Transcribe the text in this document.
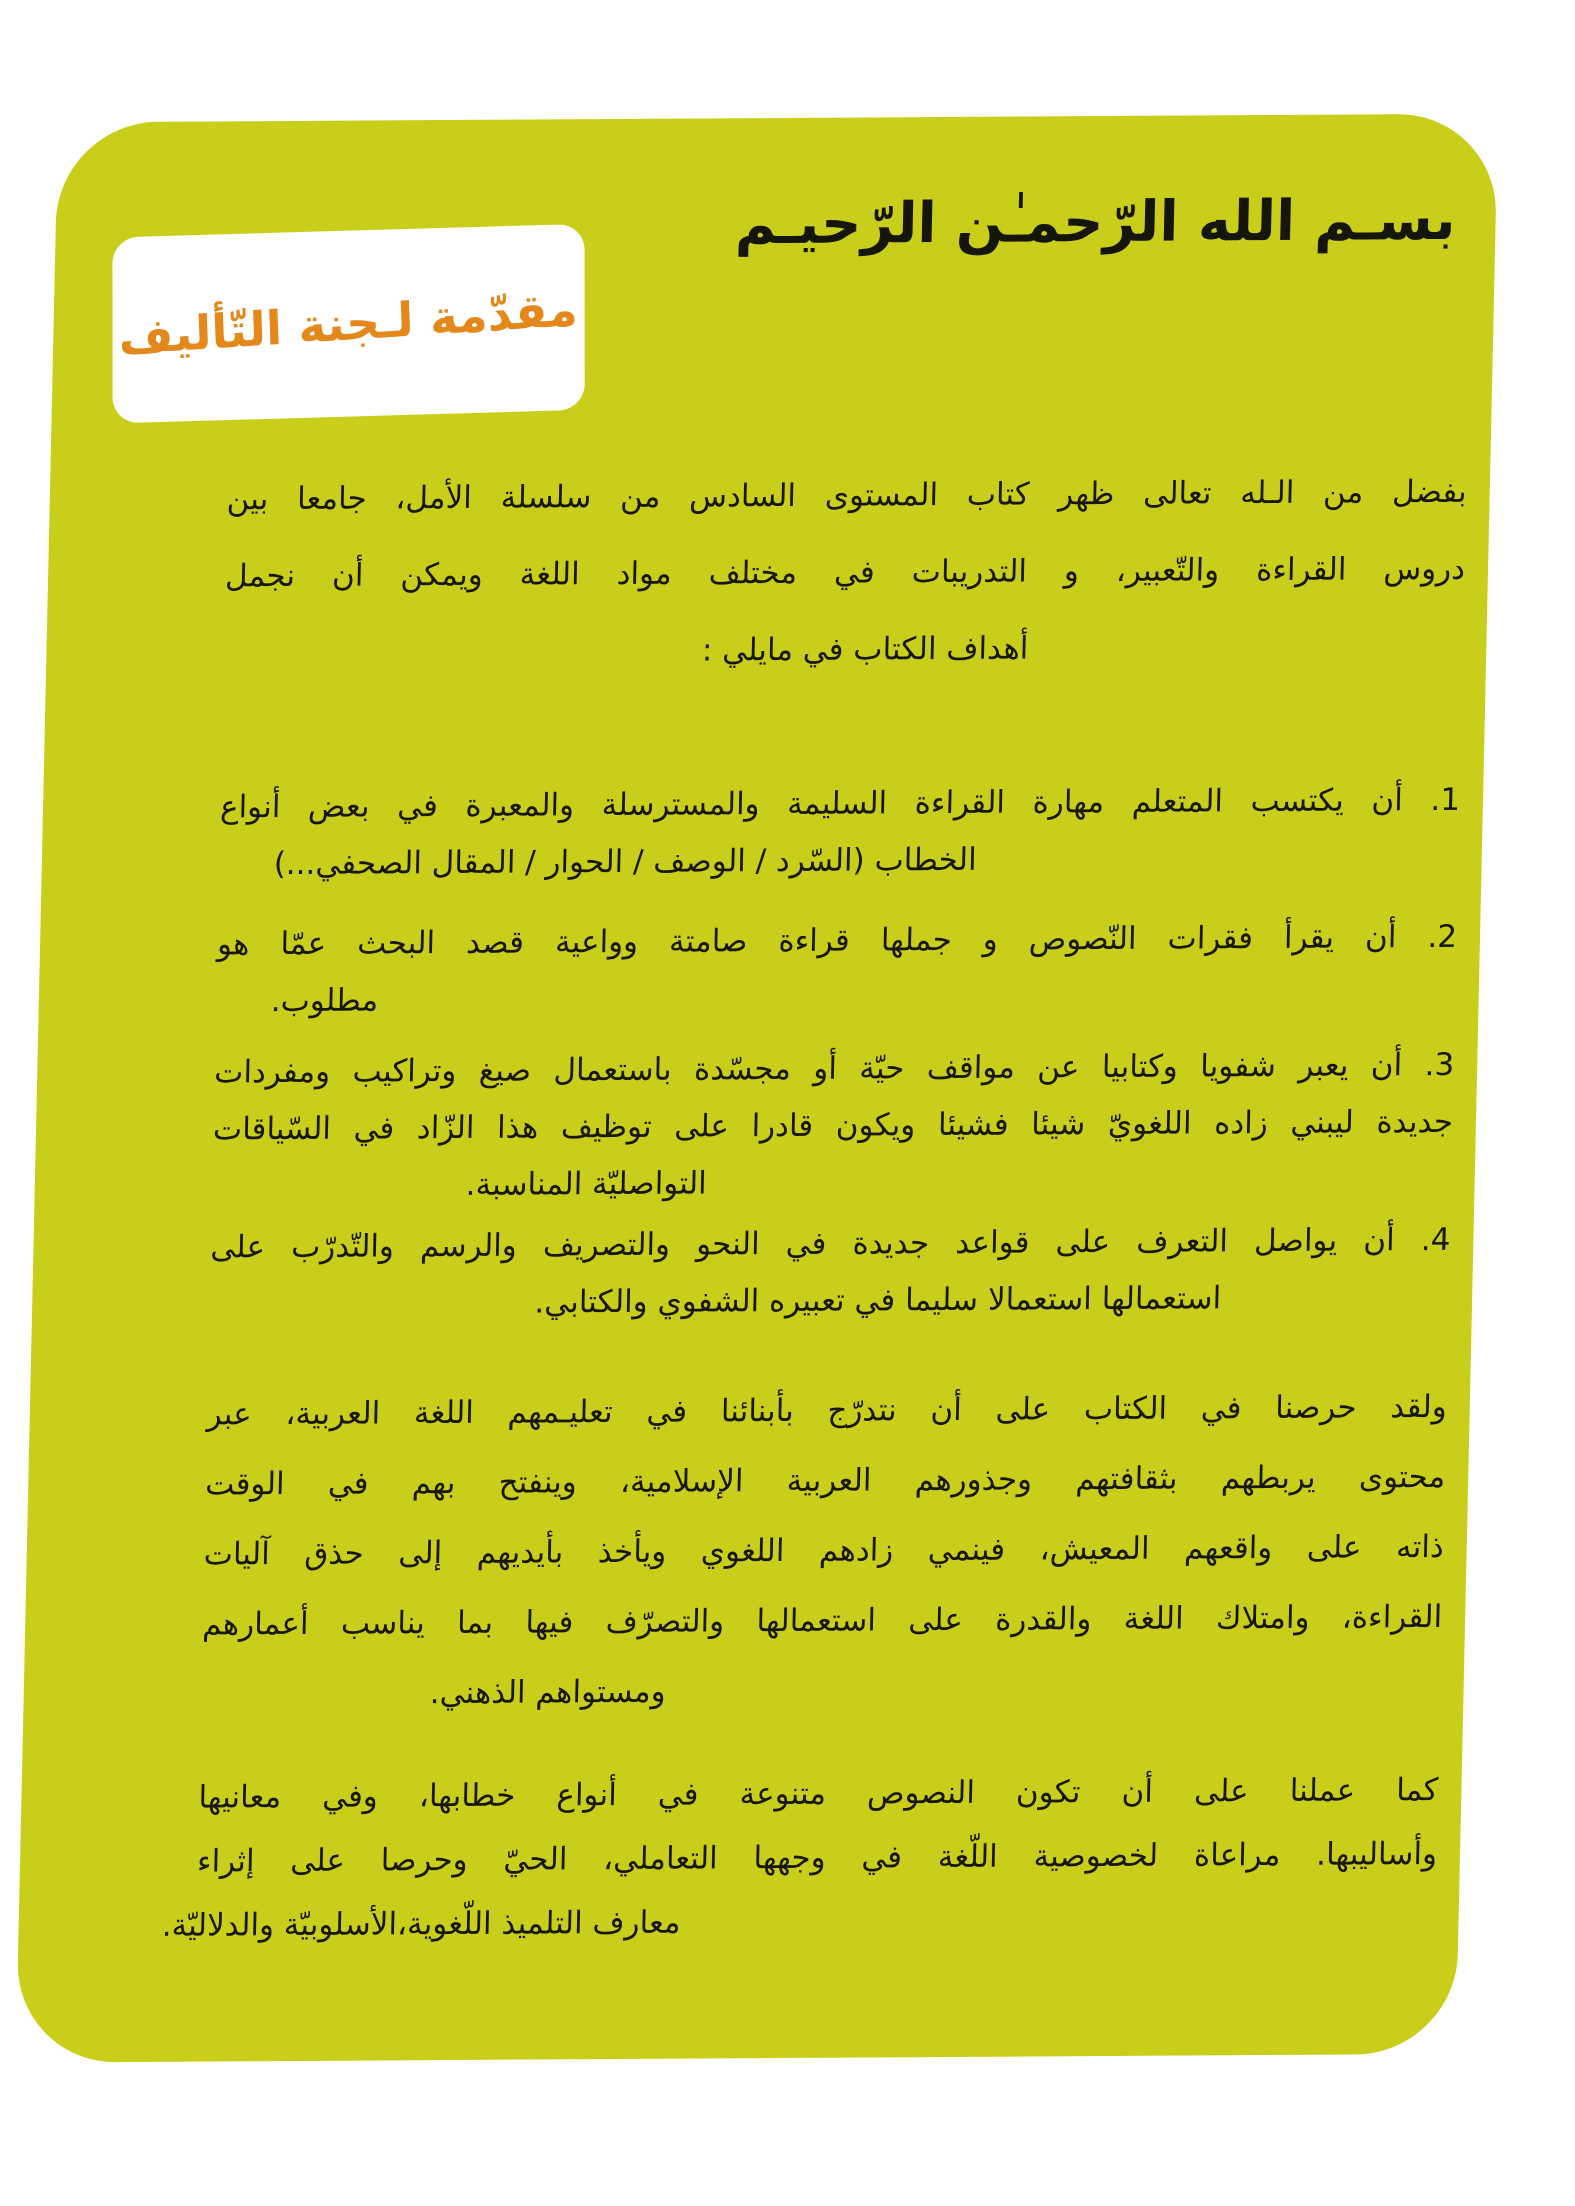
بسـم الله الرّحمـٰن الرّحيـم
مقدّمة لـجنة التّأليف
بفضل من الـله تعالى ظهر كتاب المستوى السادس من سلسلة الأمل، جامعا بين
دروس القراءة والتّعبير، و التدريبات في مختلف مواد اللغة ويمكن أن نجمل
أهداف الكتاب في مايلي :
1. أن يكتسب المتعلم مهارة القراءة السليمة والمسترسلة والمعبرة في بعض أنواع
الخطاب (السّرد / الوصف / الحوار / المقال الصحفي...)
2. أن يقرأ فقرات النّصوص و جملها قراءة صامتة وواعية قصد البحث عمّا هو
مطلوب.
3. أن يعبر شفويا وكتابيا عن مواقف حيّة أو مجسّدة باستعمال صيغ وتراكيب ومفردات
جديدة ليبني زاده اللغويّ شيئا فشيئا ويكون قادرا على توظيف هذا الزّاد في السّياقات
التواصليّة المناسبة.
4. أن يواصل التعرف على قواعد جديدة في النحو والتصريف والرسم والتّدرّب على
استعمالها استعمالا سليما في تعبيره الشفوي والكتابي.
ولقد حرصنا في الكتاب على أن نتدرّج بأبنائنا في تعليـمهم اللغة العربية، عبر
محتوى يربطهم بثقافتهم وجذورهم العربية الإسلامية، وينفتح بهم في الوقت
ذاته على واقعهم المعيش، فينمي زادهم اللغوي ويأخذ بأيديهم إلى حذق آليات
القراءة، وامتلاك اللغة والقدرة على استعمالها والتصرّف فيها بما يناسب أعمارهم
ومستواهم الذهني.
كما عملنا على أن تكون النصوص متنوعة في أنواع خطابها، وفي معانيها
وأساليبها. مراعاة لخصوصية اللّغة في وجهها التعاملي، الحيّ وحرصا على إثراء
معارف التلميذ اللّغوية،الأسلوبيّة والدلاليّة.
